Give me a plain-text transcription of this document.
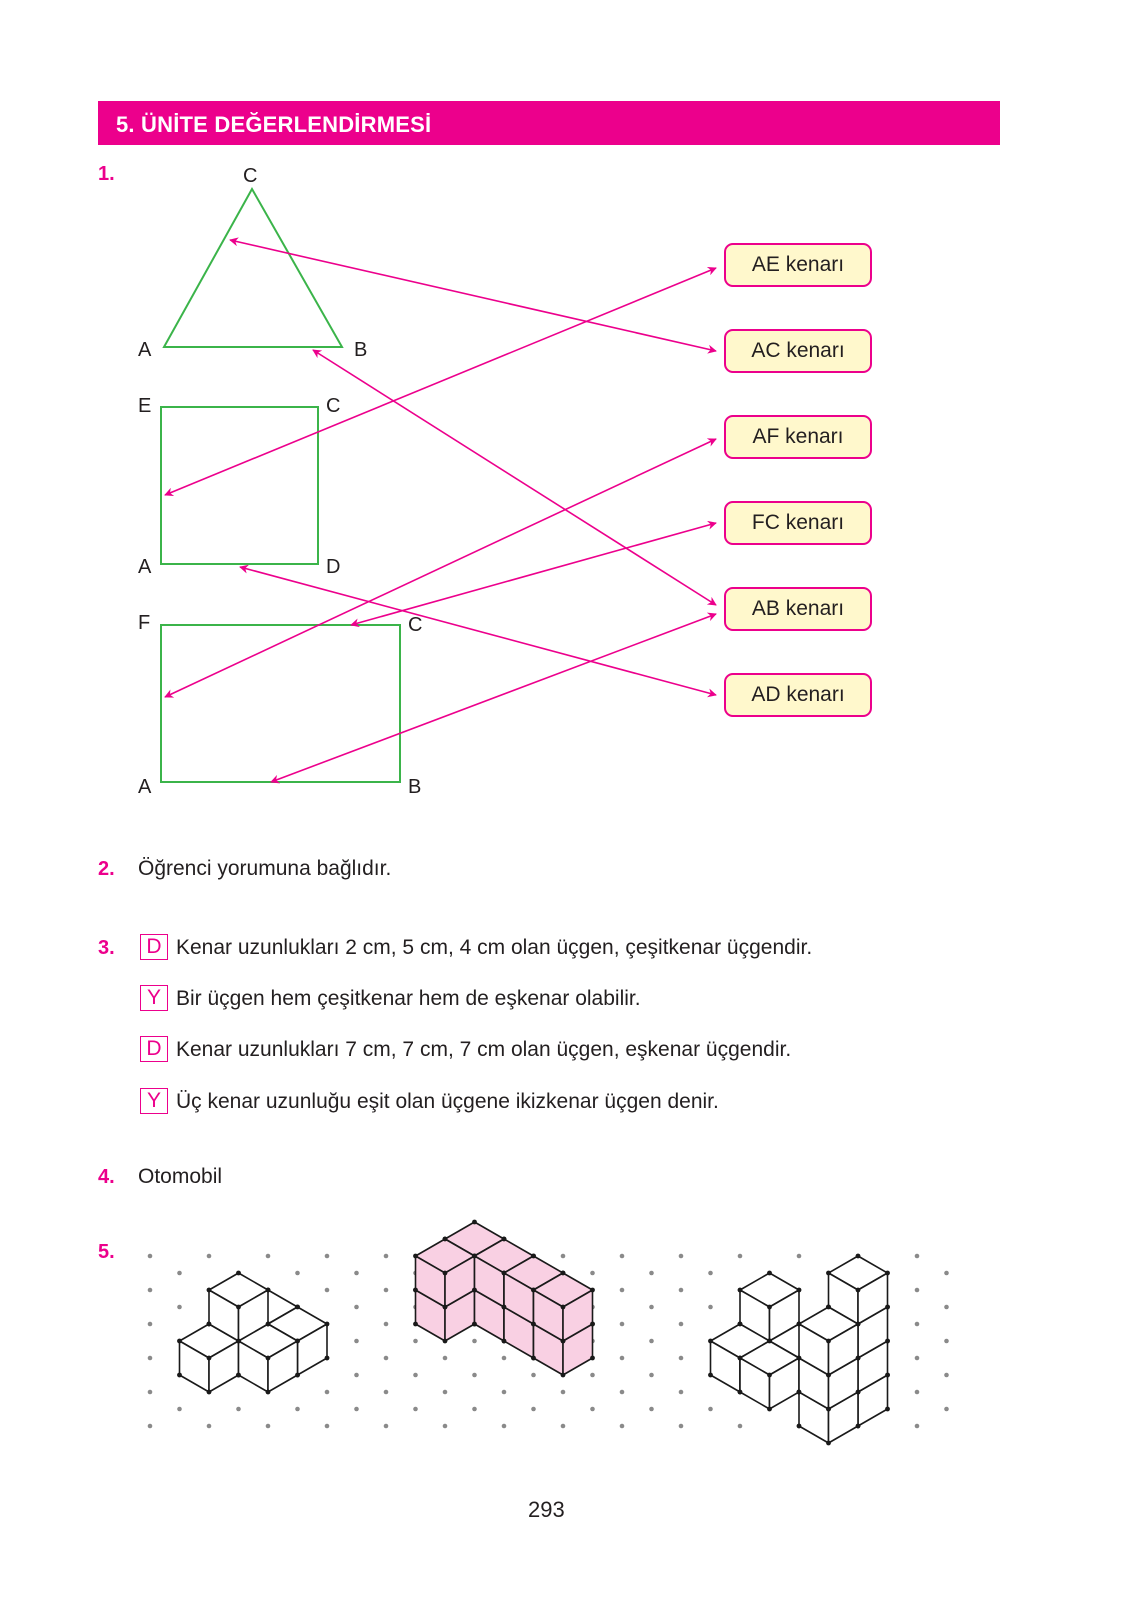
5. ÜNİTE DEĞERLENDİRMESİ
1.	C
A	B
E	C
A	D
F	C
A	B
AE kenarı
AC kenarı
AF kenarı
FC kenarı
AB kenarı
AD kenarı
2. Öğrenci yorumuna bağlıdır.
3.	D Kenar uzunlukları 2 cm, 5 cm, 4 cm olan üçgen, çeşitkenar üçgendir.
Y Bir üçgen hem çeşitkenar hem de eşkenar olabilir.
D Kenar uzunlukları 7 cm, 7 cm, 7 cm olan üçgen, eşkenar üçgendir.
Y Üç kenar uzunluğu eşit olan üçgene ikizkenar üçgen denir.
4. Otomobil
5.
293
